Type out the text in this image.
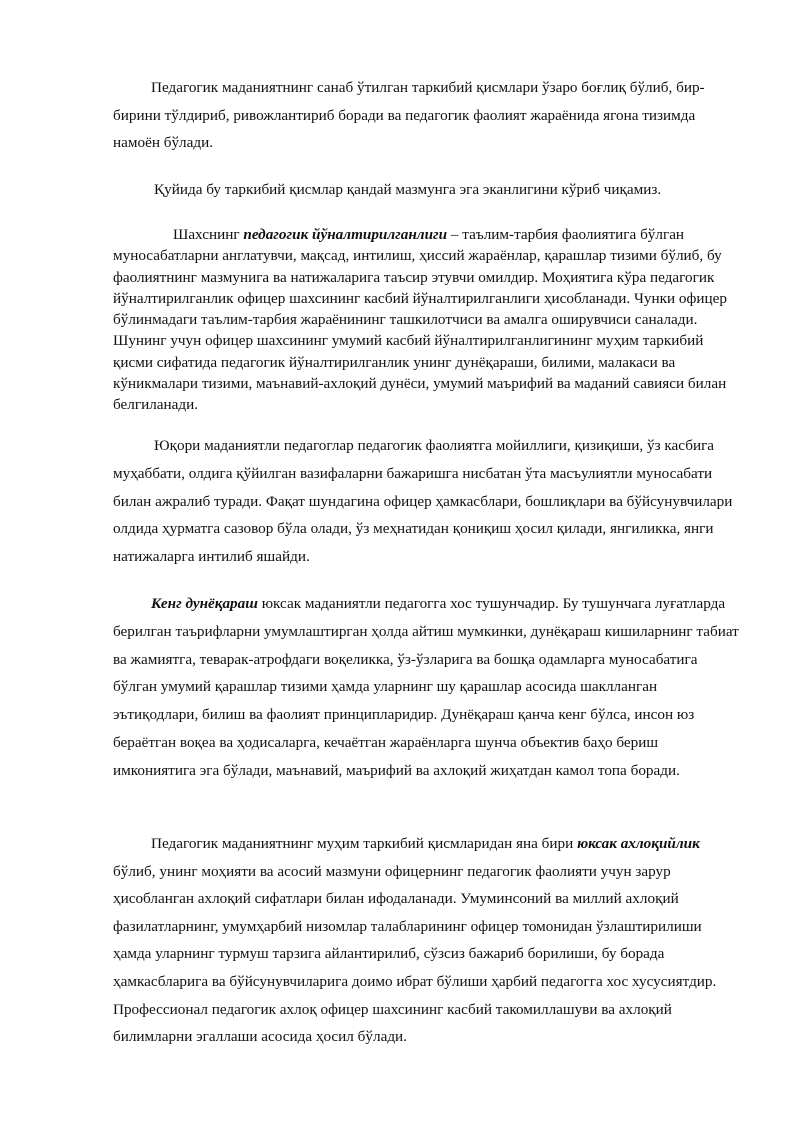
Педагогик маданиятнинг санаб ўтилган таркибий қисмлари ўзаро боғлиқ бўлиб, бир-бирини тўлдириб, ривожлантириб боради ва педагогик фаолият жараёнида ягона тизимда намоён бўлади.

Қуйида бу таркибий қисмлар қандай мазмунга эга эканлигини кўриб чиқамиз.

Шахснинг педагогик йўналтирилганлиги – таълим-тарбия фаолиятига бўлган муносабатларни англатувчи, мақсад, интилиш, ҳиссий жараёнлар, қарашлар тизими бўлиб, бу фаолиятнинг мазмунига ва натижаларига таъсир этувчи омилдир. Моҳиятига кўра педагогик йўналтирилганлик офицер шахсининг касбий йўналтирилганлиги ҳисобланади. Чунки офицер бўлинмадаги таълим-тарбия жараёнининг ташкилотчиси ва амалга оширувчиси саналади. Шунинг учун офицер шахсининг умумий касбий йўналтирилганлигининг муҳим таркибий қисми сифатида педагогик йўналтирилганлик унинг дунёқараши, билими, малакаси ва кўникмалари тизими, маънавий-ахлоқий дунёси, умумий маърифий ва маданий савияси билан белгиланади.

Юқори маданиятли педагоглар педагогик фаолиятга мойиллиги, қизиқиши, ўз касбига муҳаббати, олдига қўйилган вазифаларни бажаришга нисбатан ўта масъулиятли муносабати билан ажралиб туради. Фақат шундагина офицер ҳамкасблари, бошлиқлари ва бўйсунувчилари олдида ҳурматга сазовор бўла олади, ўз меҳнатидан қониқиш ҳосил қилади, янгиликка, янги натижаларга интилиб яшайди.

Кенг дунёқараш юксак маданиятли педагогга хос тушунчадир. Бу тушунчага луғатларда берилган таърифларни умумлаштирган ҳолда айтиш мумкинки, дунёқараш кишиларнинг табиат ва жамиятга, теварак-атрофдаги воқеликка, ўз-ўзларига ва бошқа одамларга муносабатига бўлган умумий қарашлар тизими ҳамда уларнинг шу қарашлар асосида шаклланган эътиқодлари, билиш ва фаолият принципларидир. Дунёқараш қанча кенг бўлса, инсон юз бераётган воқеа ва ҳодисаларга, кечаётган жараёнларга шунча объектив баҳо бериш имкониятига эга бўлади, маънавий, маърифий ва ахлоқий жиҳатдан камол топа боради.

Педагогик маданиятнинг муҳим таркибий қисмларидан яна бири юксак ахлоқийлик бўлиб, унинг моҳияти ва асосий мазмуни офицернинг педагогик фаолияти учун зарур ҳисобланган ахлоқий сифатлари билан ифодаланади. Умуминсоний ва миллий ахлоқий фазилатларнинг, умумҳарбий низомлар талабларининг офицер томонидан ўзлаштирилиши ҳамда уларнинг турмуш тарзига айлантирилиб, сўзсиз бажариб борилиши, бу борада ҳамкасбларига ва бўйсунувчиларига доимо ибрат бўлиши ҳарбий педагогга хос хусусиятдир. Профессионал педагогик ахлоқ офицер шахсининг касбий такомиллашуви ва ахлоқий билимларни эгаллаши асосида ҳосил бўлади.
